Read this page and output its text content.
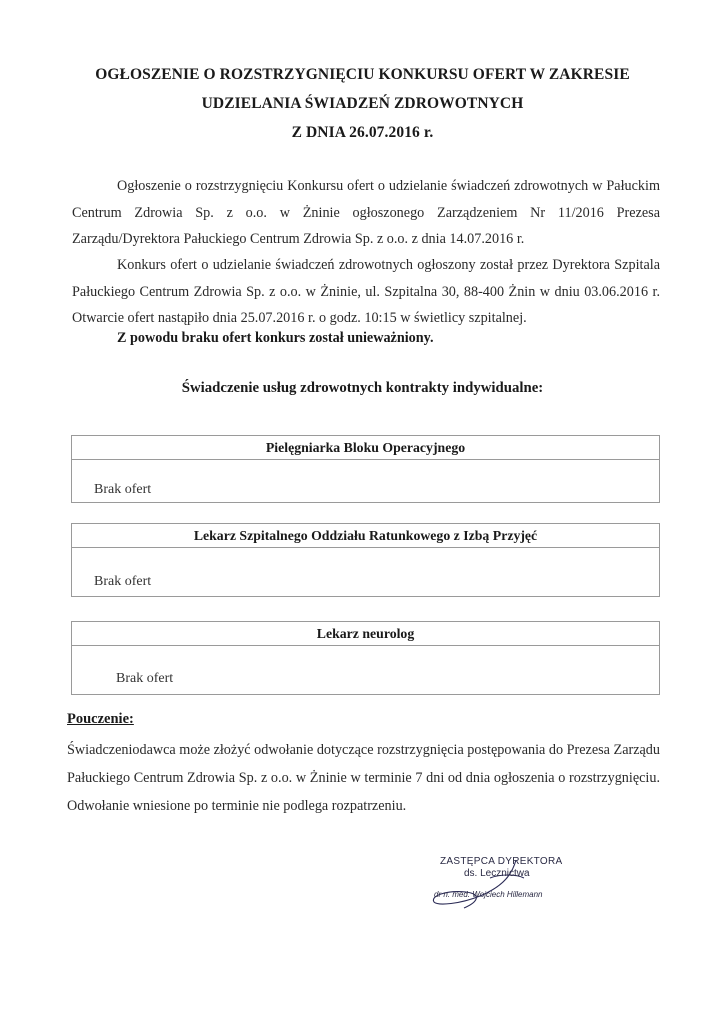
OGŁOSZENIE O ROZSTRZYGNIĘCIU KONKURSU OFERT W ZAKRESIE
UDZIELANIA ŚWIADZEŃ ZDROWOTNYCH
Z DNIA 26.07.2016 r.
Ogłoszenie o rozstrzygnięciu Konkursu ofert o udzielanie świadczeń zdrowotnych w Pałuckim Centrum Zdrowia Sp. z o.o. w Żninie ogłoszonego Zarządzeniem Nr 11/2016 Prezesa Zarządu/Dyrektora Pałuckiego Centrum Zdrowia Sp. z o.o. z dnia 14.07.2016 r.
Konkurs ofert o udzielanie świadczeń zdrowotnych ogłoszony został przez Dyrektora Szpitala Pałuckiego Centrum Zdrowia Sp. z o.o. w Żninie, ul. Szpitalna 30, 88-400 Żnin w dniu 03.06.2016 r. Otwarcie ofert nastąpiło dnia 25.07.2016 r. o godz. 10:15 w świetlicy szpitalnej.
Z powodu braku ofert konkurs został unieważniony.
Świadczenie usług zdrowotnych kontrakty indywidualne:
Pielęgniarka Bloku Operacyjnego
Brak ofert
Lekarz Szpitalnego Oddziału Ratunkowego z Izbą Przyjęć
Brak ofert
Lekarz neurolog
Brak ofert
Pouczenie:
Świadczeniodawca może złożyć odwołanie dotyczące rozstrzygnięcia postępowania do Prezesa Zarządu Pałuckiego Centrum Zdrowia Sp. z o.o. w Żninie w terminie 7 dni od dnia ogłoszenia o rozstrzygnięciu. Odwołanie wniesione po terminie nie podlega rozpatrzeniu.
ZASTĘPCA DYREKTORA
ds. Lecznictwa
dr n. med. Wojciech Hillemann
